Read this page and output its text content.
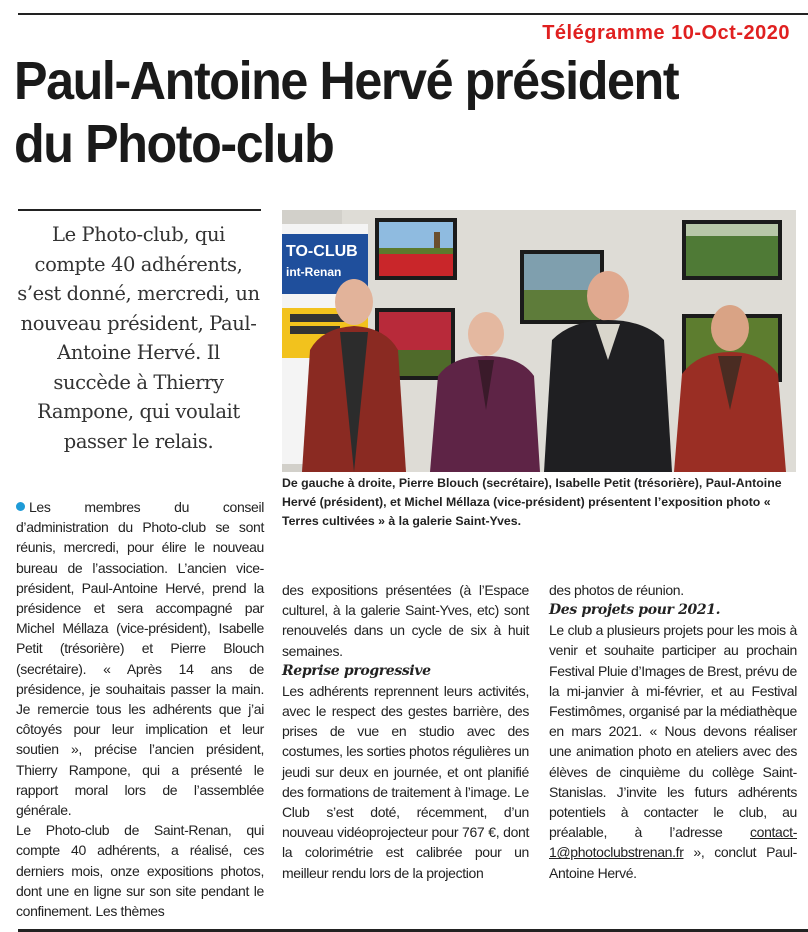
Télégramme 10-Oct-2020
Paul-Antoine Hervé président du Photo-club

Le Photo-club, qui compte 40 adhérents, s’est donné, mercredi, un nouveau président, Paul-Antoine Hervé. Il succède à Thierry Rampone, qui voulait passer le relais.

TO-CLUB
int-Renan

De gauche à droite, Pierre Blouch (secrétaire), Isabelle Petit (trésorière), Paul-Antoine Hervé (président), et Michel Méllaza (vice-président) présentent l’exposition photo « Terres cultivées » à la galerie Saint-Yves.

Les membres du conseil d’administration du Photo-club se sont réunis, mercredi, pour élire le nouveau bureau de l’association. L’ancien vice-président, Paul-Antoine Hervé, prend la présidence et sera accompagné par Michel Méllaza (vice-président), Isabelle Petit (trésorière) et Pierre Blouch (secrétaire). « Après 14 ans de présidence, je souhaitais passer la main. Je remercie tous les adhérents que j’ai côtoyés pour leur implication et leur soutien », précise l’ancien président, Thierry Rampone, qui a présenté le rapport moral lors de l’assemblée générale.

Le Photo-club de Saint-Renan, qui compte 40 adhérents, a réalisé, ces derniers mois, onze expositions photos, dont une en ligne sur son site pendant le confinement. Les thèmes

des expositions présentées (à l’Espace culturel, à la galerie Saint-Yves, etc) sont renouvelés dans un cycle de six à huit semaines.

Reprise progressive

Les adhérents reprennent leurs activités, avec le respect des gestes barrière, des prises de vue en studio avec des costumes, les sorties photos régulières un jeudi sur deux en journée, et ont planifié des formations de traitement à l’image. Le Club s’est doté, récemment, d’un nouveau vidéoprojecteur pour 767 €, dont la colorimétrie est calibrée pour un meilleur rendu lors de la projection

des photos de réunion.

Des projets pour 2021.

Le club a plusieurs projets pour les mois à venir et souhaite participer au prochain Festival Pluie d’Images de Brest, prévu de la mi-janvier à mi-février, et au Festival Festimômes, organisé par la médiathèque en mars 2021. « Nous devons réaliser une animation photo en ateliers avec des élèves de cinquième du collège Saint-Stanislas. J’invite les futurs adhérents potentiels à contacter le club, au préalable, à l’adresse contact-1@photoclubstrenan.fr », conclut Paul-Antoine Hervé.
